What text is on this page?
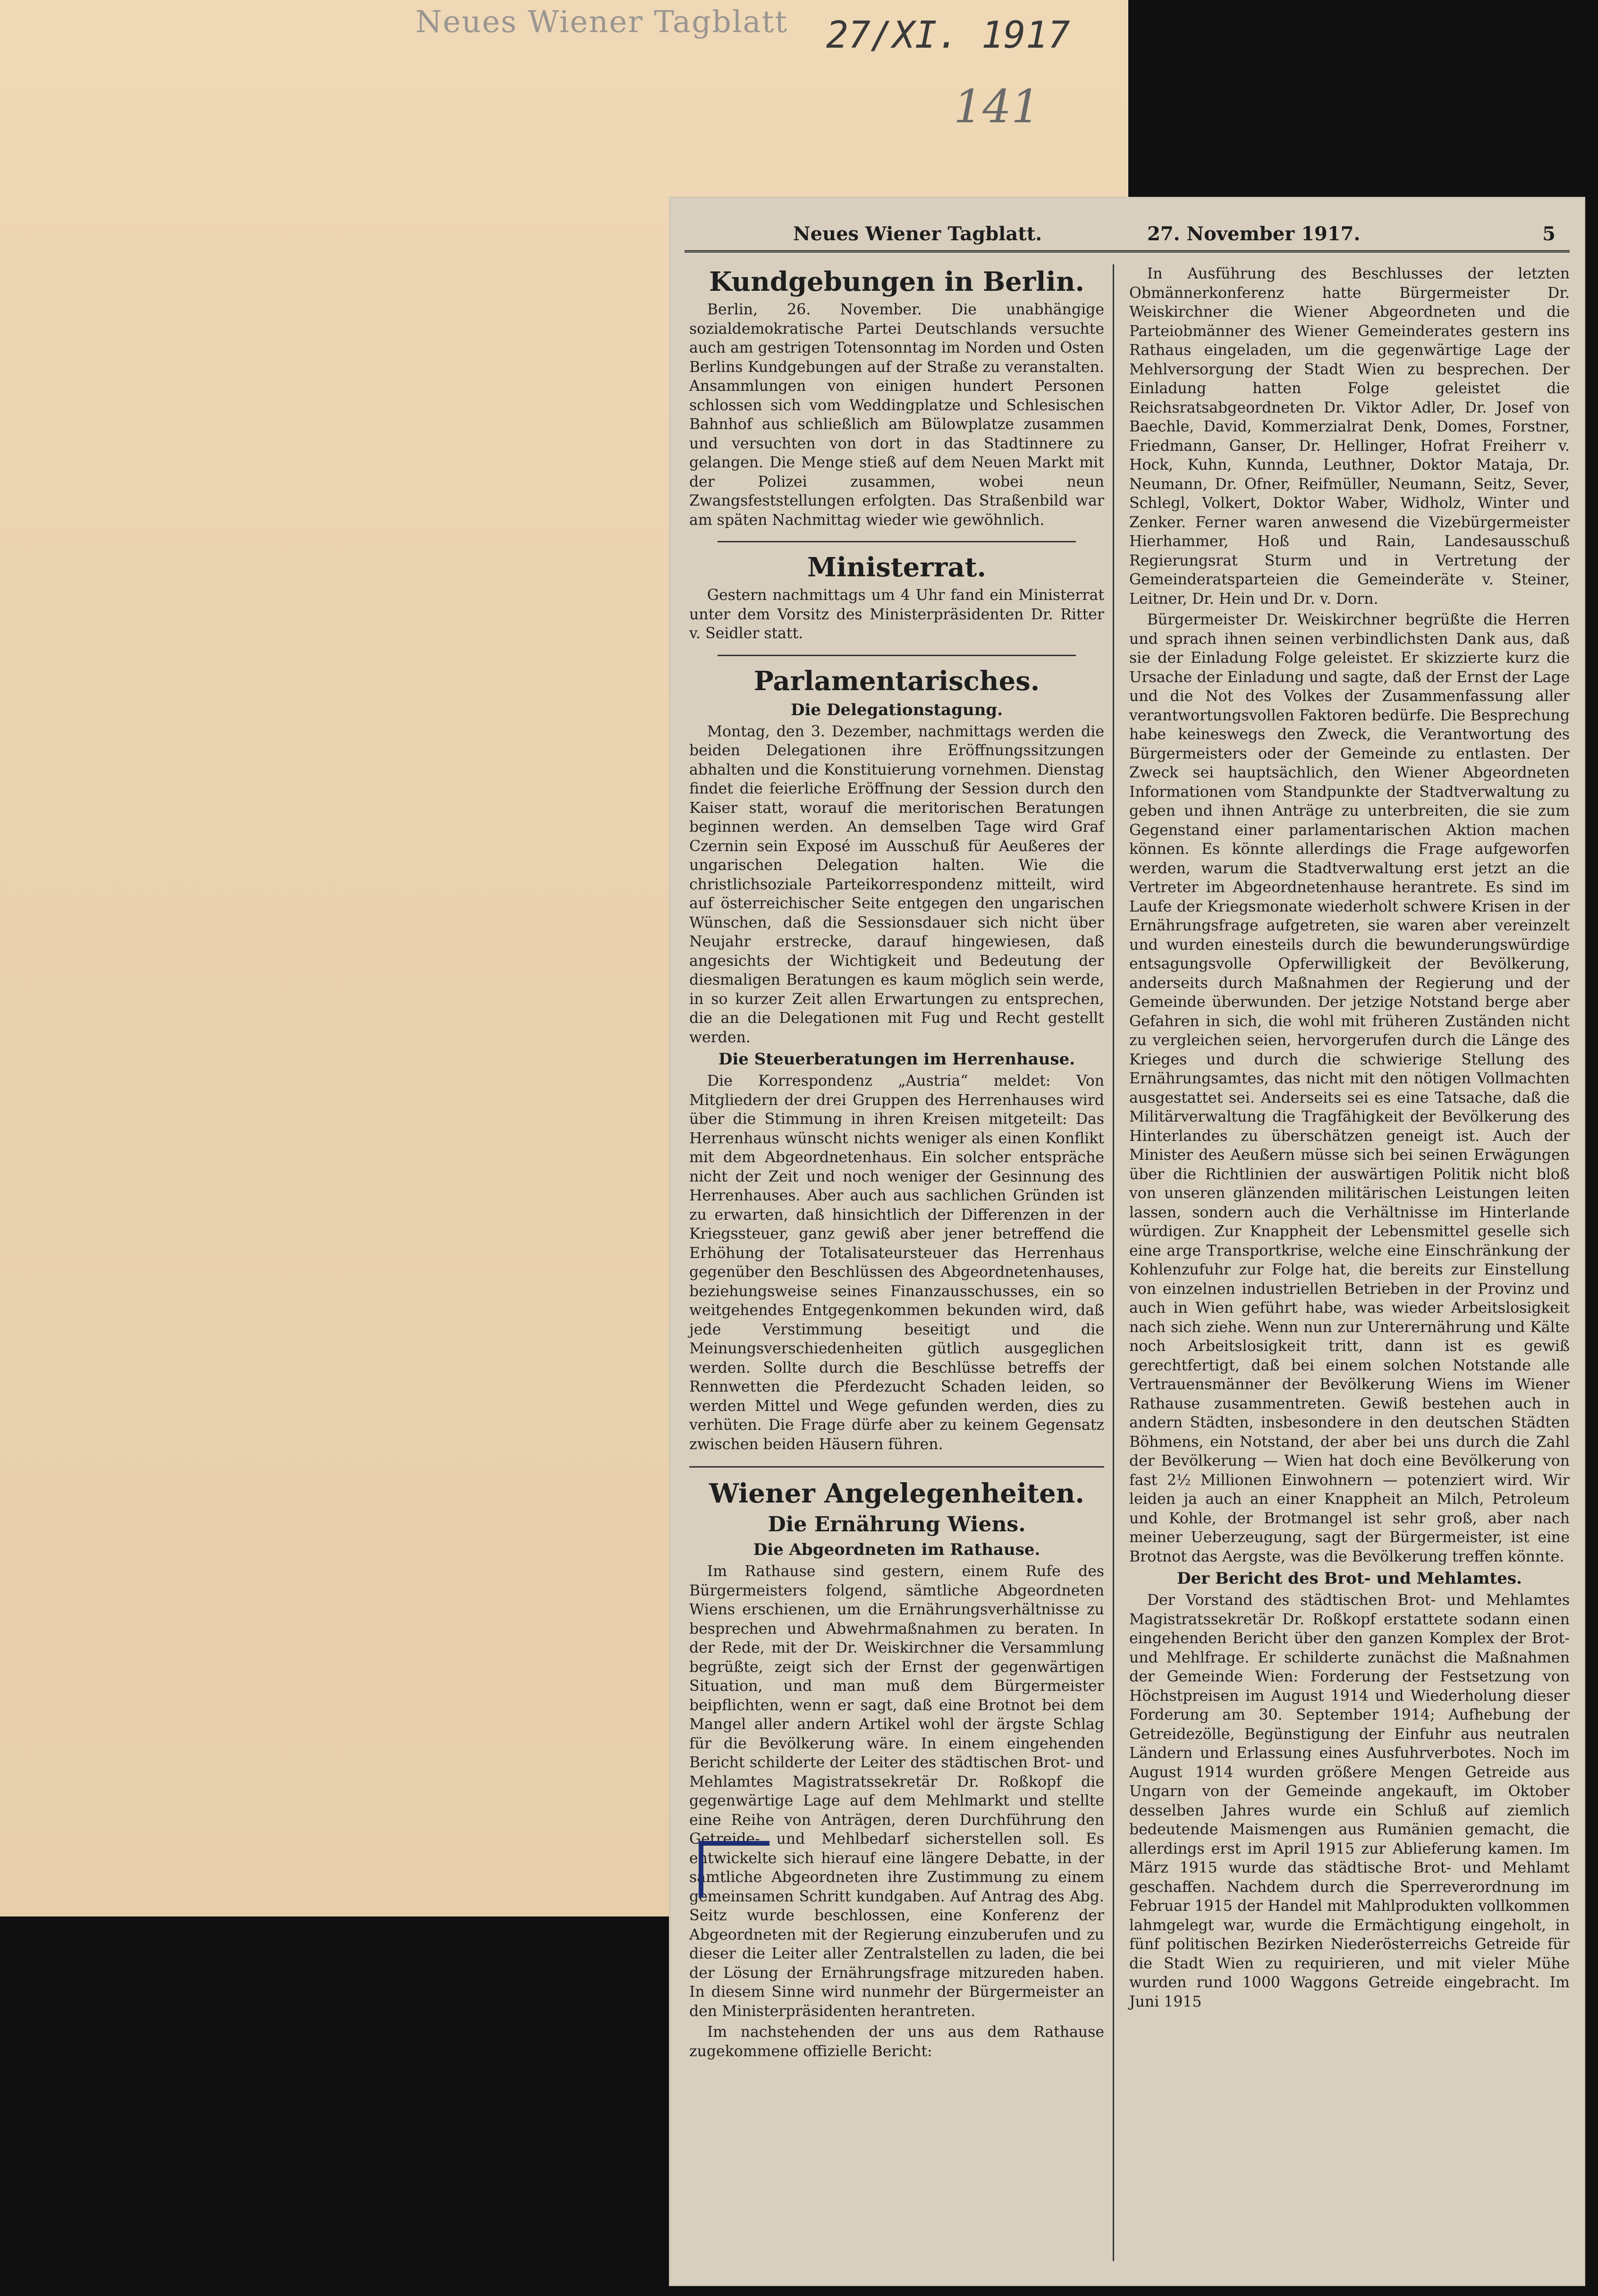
Neues Wiener Tagblatt 27/XI. 1917
141
Neues Wiener Tagblatt.	27. November 1917.	5
Kundgebungen in Berlin.
Berlin, 26. November. Die unabhängige sozialdemokratische Partei Deutschlands versuchte auch am gestrigen Totensonntag im Norden und Osten Berlins Kundgebungen auf der Straße zu veranstalten. Ansammlungen von einigen hundert Personen schlossen sich vom Weddingplatze und Schlesischen Bahnhof aus schließlich am Bülowplatze zusammen und versuchten von dort in das Stadtinnere zu gelangen. Die Menge stieß auf dem Neuen Markt mit der Polizei zusammen, wobei neun Zwangsfeststellungen erfolgten. Das Straßenbild war am späten Nachmittag wieder wie gewöhnlich.
Ministerrat.
Gestern nachmittags um 4 Uhr fand ein Ministerrat unter dem Vorsitz des Ministerpräsidenten Dr. Ritter v. Seidler statt.
Parlamentarisches.
Die Delegationstagung.
Montag, den 3. Dezember, nachmittags werden die beiden Delegationen ihre Eröffnungssitzungen abhalten und die Konstituierung vornehmen. Dienstag findet die feierliche Eröffnung der Session durch den Kaiser statt, worauf die meritorischen Beratungen beginnen werden. An demselben Tage wird Graf Czernin sein Exposé im Ausschuß für Aeußeres der ungarischen Delegation halten. Wie die christlichsoziale Parteikorrespondenz mitteilt, wird auf österreichischer Seite entgegen den ungarischen Wünschen, daß die Sessionsdauer sich nicht über Neujahr erstrecke, darauf hingewiesen, daß angesichts der Wichtigkeit und Bedeutung der diesmaligen Beratungen es kaum möglich sein werde, in so kurzer Zeit allen Erwartungen zu entsprechen, die an die Delegationen mit Fug und Recht gestellt werden.
Die Steuerberatungen im Herrenhause.
Die Korrespondenz „Austria“ meldet: Von Mitgliedern der drei Gruppen des Herrenhauses wird über die Stimmung in ihren Kreisen mitgeteilt: Das Herrenhaus wünscht nichts weniger als einen Konflikt mit dem Abgeordnetenhaus. Ein solcher entspräche nicht der Zeit und noch weniger der Gesinnung des Herrenhauses. Aber auch aus sachlichen Gründen ist zu erwarten, daß hinsichtlich der Differenzen in der Kriegssteuer, ganz gewiß aber jener betreffend die Erhöhung der Totalisateursteuer das Herrenhaus gegenüber den Beschlüssen des Abgeordnetenhauses, beziehungsweise seines Finanzausschusses, ein so weitgehendes Entgegenkommen bekunden wird, daß jede Verstimmung beseitigt und die Meinungsverschiedenheiten gütlich ausgeglichen werden. Sollte durch die Beschlüsse betreffs der Rennwetten die Pferdezucht Schaden leiden, so werden Mittel und Wege gefunden werden, dies zu verhüten. Die Frage dürfe aber zu keinem Gegensatz zwischen beiden Häusern führen.
Wiener Angelegenheiten.
Die Ernährung Wiens.
Die Abgeordneten im Rathause.
Im Rathause sind gestern, einem Rufe des Bürgermeisters folgend, sämtliche Abgeordneten Wiens erschienen, um die Ernährungsverhältnisse zu besprechen und Abwehrmaßnahmen zu beraten. In der Rede, mit der Dr. Weiskirchner die Versammlung begrüßte, zeigt sich der Ernst der gegenwärtigen Situation, und man muß dem Bürgermeister beipflichten, wenn er sagt, daß eine Brotnot bei dem Mangel aller andern Artikel wohl der ärgste Schlag für die Bevölkerung wäre. In einem eingehenden Bericht schilderte der Leiter des städtischen Brot- und Mehlamtes Magistratssekretär Dr. Roßkopf die gegenwärtige Lage auf dem Mehlmarkt und stellte eine Reihe von Anträgen, deren Durchführung den Getreide- und Mehlbedarf sicherstellen soll. Es entwickelte sich hierauf eine längere Debatte, in der sämtliche Abgeordneten ihre Zustimmung zu einem gemeinsamen Schritt kundgaben. Auf Antrag des Abg. Seitz wurde beschlossen, eine Konferenz der Abgeordneten mit der Regierung einzuberufen und zu dieser die Leiter aller Zentralstellen zu laden, die bei der Lösung der Ernährungsfrage mitzureden haben. In diesem Sinne wird nunmehr der Bürgermeister an den Ministerpräsidenten herantreten.
Im nachstehenden der uns aus dem Rathause zugekommene offizielle Bericht:
In Ausführung des Beschlusses der letzten Obmännerkonferenz hatte Bürgermeister Dr. Weiskirchner die Wiener Abgeordneten und die Parteiobmänner des Wiener Gemeinderates gestern ins Rathaus eingeladen, um die gegenwärtige Lage der Mehlversorgung der Stadt Wien zu besprechen. Der Einladung hatten Folge geleistet die Reichsratsabgeordneten Dr. Viktor Adler, Dr. Josef von Baechle, David, Kommerzialrat Denk, Domes, Forstner, Friedmann, Ganser, Dr. Hellinger, Hofrat Freiherr v. Hock, Kuhn, Kunnda, Leuthner, Doktor Mataja, Dr. Neumann, Dr. Ofner, Reifmüller, Neumann, Seitz, Sever, Schlegl, Volkert, Doktor Waber, Widholz, Winter und Zenker. Ferner waren anwesend die Vizebürgermeister Hierhammer, Hoß und Rain, Landesausschuß Regierungsrat Sturm und in Vertretung der Gemeinderatsparteien die Gemeinderäte v. Steiner, Leitner, Dr. Hein und Dr. v. Dorn.
Bürgermeister Dr. Weiskirchner begrüßte die Herren und sprach ihnen seinen verbindlichsten Dank aus, daß sie der Einladung Folge geleistet. Er skizzierte kurz die Ursache der Einladung und sagte, daß der Ernst der Lage und die Not des Volkes der Zusammenfassung aller verantwortungsvollen Faktoren bedürfe. Die Besprechung habe keineswegs den Zweck, die Verantwortung des Bürgermeisters oder der Gemeinde zu entlasten. Der Zweck sei hauptsächlich, den Wiener Abgeordneten Informationen vom Standpunkte der Stadtverwaltung zu geben und ihnen Anträge zu unterbreiten, die sie zum Gegenstand einer parlamentarischen Aktion machen können. Es könnte allerdings die Frage aufgeworfen werden, warum die Stadtverwaltung erst jetzt an die Vertreter im Abgeordnetenhause herantrete. Es sind im Laufe der Kriegsmonate wiederholt schwere Krisen in der Ernährungsfrage aufgetreten, sie waren aber vereinzelt und wurden einesteils durch die bewunderungswürdige entsagungsvolle Opferwilligkeit der Bevölkerung, anderseits durch Maßnahmen der Regierung und der Gemeinde überwunden. Der jetzige Notstand berge aber Gefahren in sich, die wohl mit früheren Zuständen nicht zu vergleichen seien, hervorgerufen durch die Länge des Krieges und durch die schwierige Stellung des Ernährungsamtes, das nicht mit den nötigen Vollmachten ausgestattet sei. Anderseits sei es eine Tatsache, daß die Militärverwaltung die Tragfähigkeit der Bevölkerung des Hinterlandes zu überschätzen geneigt ist. Auch der Minister des Aeußern müsse sich bei seinen Erwägungen über die Richtlinien der auswärtigen Politik nicht bloß von unseren glänzenden militärischen Leistungen leiten lassen, sondern auch die Verhältnisse im Hinterlande würdigen. Zur Knappheit der Lebensmittel geselle sich eine arge Transportkrise, welche eine Einschränkung der Kohlenzufuhr zur Folge hat, die bereits zur Einstellung von einzelnen industriellen Betrieben in der Provinz und auch in Wien geführt habe, was wieder Arbeitslosigkeit nach sich ziehe. Wenn nun zur Unterernährung und Kälte noch Arbeitslosigkeit tritt, dann ist es gewiß gerechtfertigt, daß bei einem solchen Notstande alle Vertrauensmänner der Bevölkerung Wiens im Wiener Rathause zusammentreten. Gewiß bestehen auch in andern Städten, insbesondere in den deutschen Städten Böhmens, ein Notstand, der aber bei uns durch die Zahl der Bevölkerung — Wien hat doch eine Bevölkerung von fast 2½ Millionen Einwohnern — potenziert wird. Wir leiden ja auch an einer Knappheit an Milch, Petroleum und Kohle, der Brotmangel ist sehr groß, aber nach meiner Ueberzeugung, sagt der Bürgermeister, ist eine Brotnot das Aergste, was die Bevölkerung treffen könnte.
Der Bericht des Brot- und Mehlamtes.
Der Vorstand des städtischen Brot- und Mehlamtes Magistratssekretär Dr. Roßkopf erstattete sodann einen eingehenden Bericht über den ganzen Komplex der Brot- und Mehlfrage. Er schilderte zunächst die Maßnahmen der Gemeinde Wien: Forderung der Festsetzung von Höchstpreisen im August 1914 und Wiederholung dieser Forderung am 30. September 1914; Aufhebung der Getreidezölle, Begünstigung der Einfuhr aus neutralen Ländern und Erlassung eines Ausfuhrverbotes. Noch im August 1914 wurden größere Mengen Getreide aus Ungarn von der Gemeinde angekauft, im Oktober desselben Jahres wurde ein Schluß auf ziemlich bedeutende Maismengen aus Rumänien gemacht, die allerdings erst im April 1915 zur Ablieferung kamen. Im März 1915 wurde das städtische Brot- und Mehlamt geschaffen. Nachdem durch die Sperreverordnung im Februar 1915 der Handel mit Mahlprodukten vollkommen lahmgelegt war, wurde die Ermächtigung eingeholt, in fünf politischen Bezirken Niederösterreichs Getreide für die Stadt Wien zu requirieren, und mit vieler Mühe wurden rund 1000 Waggons Getreide eingebracht. Im Juni 1915
